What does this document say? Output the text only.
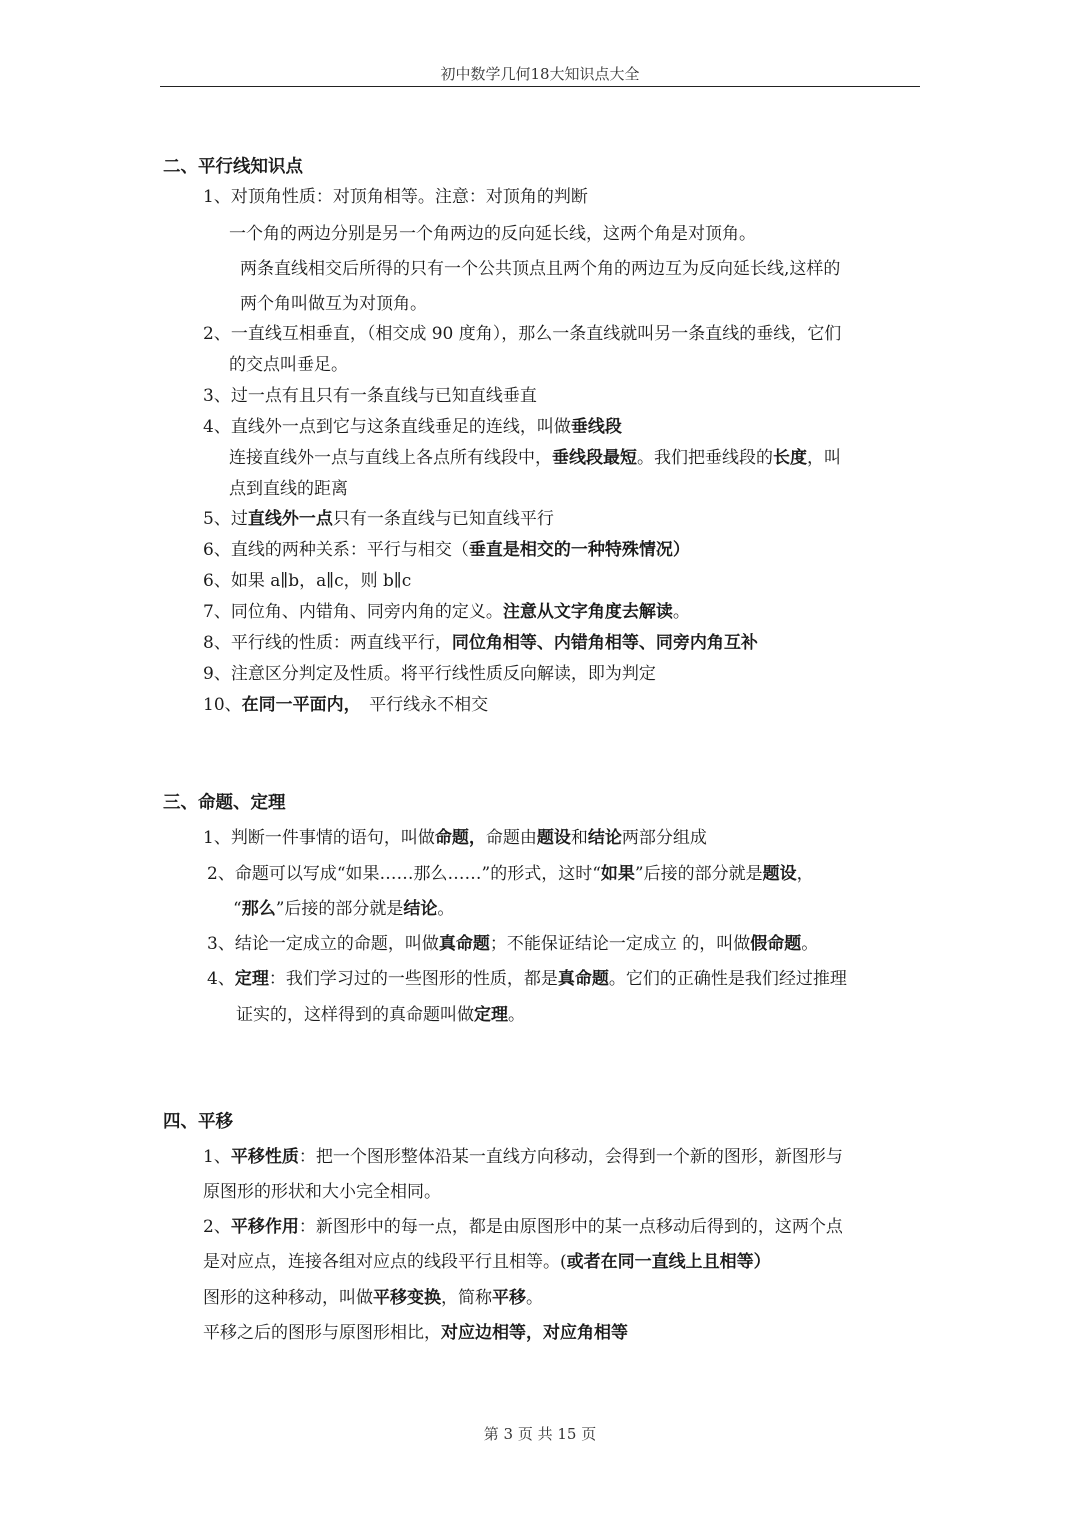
初中数学几何18大知识点大全
二、平行线知识点
1、对顶角性质：对顶角相等。注意：对顶角的判断
一个角的两边分别是另一个角两边的反向延长线，这两个角是对顶角。
两条直线相交后所得的只有一个公共顶点且两个角的两边互为反向延长线,这样的
两个角叫做互为对顶角。
2、一直线互相垂直，（相交成 90 度角），那么一条直线就叫另一条直线的垂线，它们
的交点叫垂足。
3、过一点有且只有一条直线与已知直线垂直
4、直线外一点到它与这条直线垂足的连线，叫做垂线段
连接直线外一点与直线上各点所有线段中，垂线段最短。我们把垂线段的长度，叫
点到直线的距离
5、过直线外一点只有一条直线与已知直线平行
6、直线的两种关系：平行与相交（垂直是相交的一种特殊情况）
6、如果 a∥b，a∥c，则 b∥c
7、同位角、内错角、同旁内角的定义。注意从文字角度去解读。
8、平行线的性质：两直线平行，同位角相等、内错角相等、同旁内角互补
9、注意区分判定及性质。将平行线性质反向解读，即为判定
10、在同一平面内，　平行线永不相交
三、命题、定理
1、判断一件事情的语句，叫做命题，命题由题设和结论两部分组成
2、命题可以写成“如果……那么……”的形式，这时“如果”后接的部分就是题设，
“那么”后接的部分就是结论。
3、结论一定成立的命题，叫做真命题；不能保证结论一定成立 的，叫做假命题。
4、定理：我们学习过的一些图形的性质，都是真命题。它们的正确性是我们经过推理
证实的，这样得到的真命题叫做定理。
四、平移
1、平移性质：把一个图形整体沿某一直线方向移动，会得到一个新的图形，新图形与
原图形的形状和大小完全相同。
2、平移作用：新图形中的每一点，都是由原图形中的某一点移动后得到的，这两个点
是对应点，连接各组对应点的线段平行且相等。(或者在同一直线上且相等）
图形的这种移动，叫做平移变换，简称平移。
平移之后的图形与原图形相比，对应边相等，对应角相等
第 3 页 共 15 页
